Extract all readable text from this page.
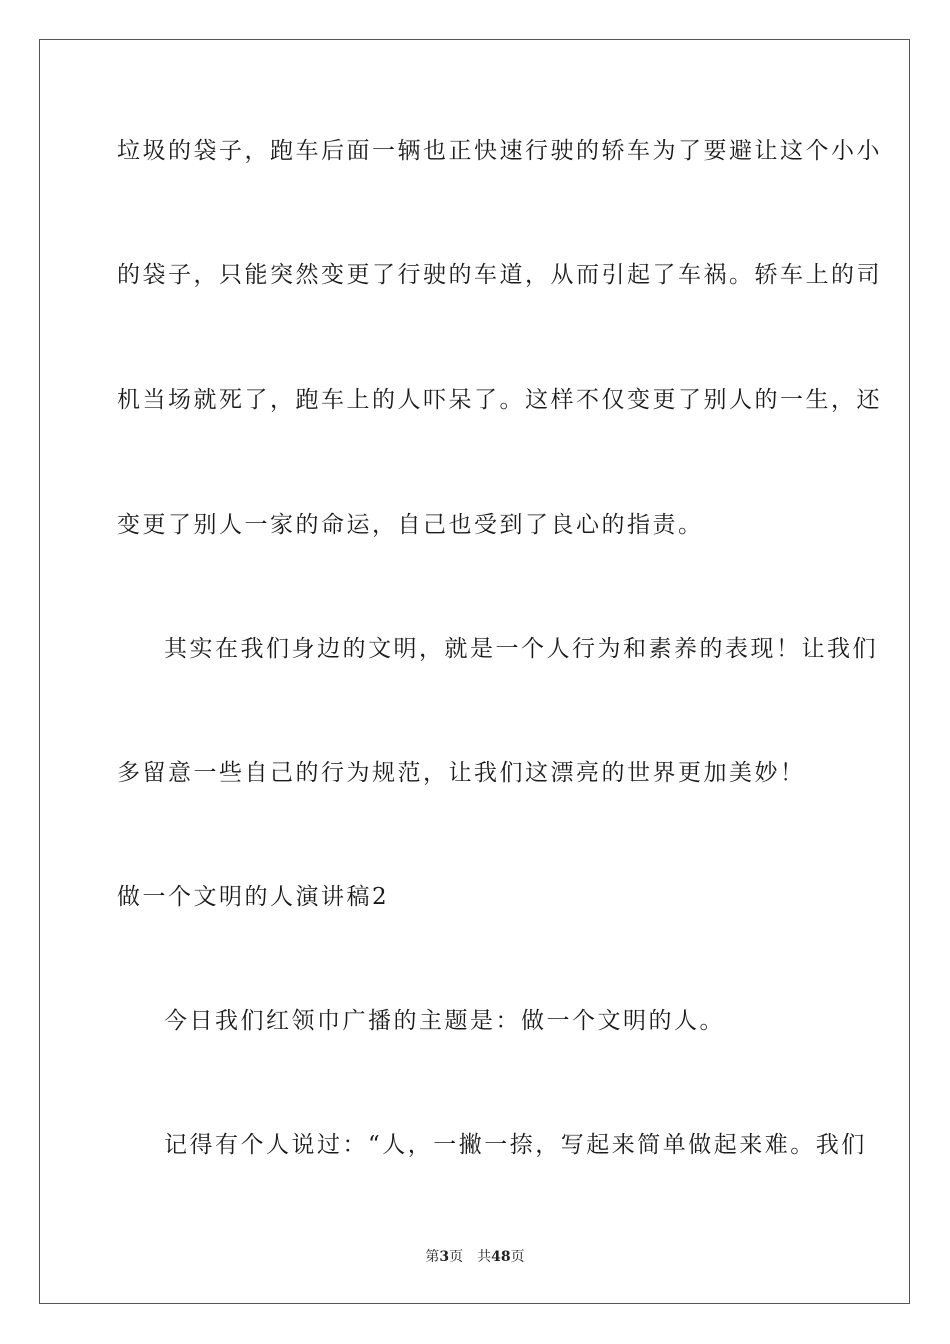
垃圾的袋子，跑车后面一辆也正快速行驶的轿车为了要避让这个小小
的袋子，只能突然变更了行驶的车道，从而引起了车祸。轿车上的司
机当场就死了，跑车上的人吓呆了。这样不仅变更了别人的一生，还
变更了别人一家的命运，自己也受到了良心的指责。
其实在我们身边的文明，就是一个人行为和素养的表现！让我们
多留意一些自己的行为规范，让我们这漂亮的世界更加美妙！
做一个文明的人演讲稿2
今日我们红领巾广播的主题是：做一个文明的人。
记得有个人说过：“人，一撇一捺，写起来简单做起来难。我们
第3页 共48页
